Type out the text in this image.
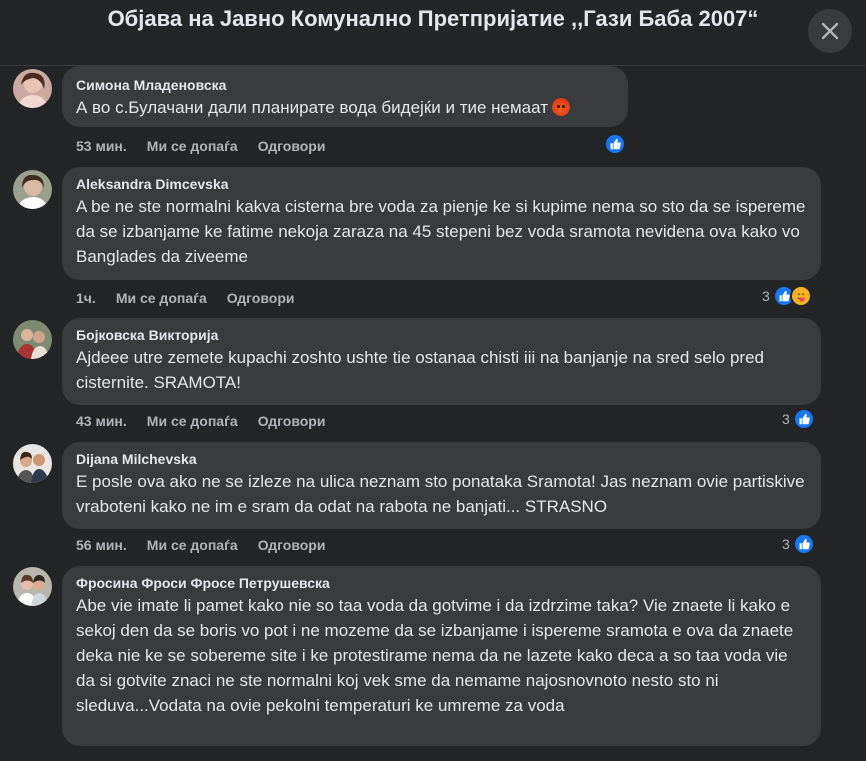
Симона Младеновска
А во с.Булачани дали планирате вода бидејќи и тие немаат
53 мин. Ми се допаѓа Одговори
Aleksandra Dimcevska
A be ne ste normalni kakva cisterna bre voda za pienje ke si kupime nema so sto da se ispereme da se izbanjame ke fatime nekoja zaraza na 45 stepeni bez voda sramota nevidena ova kako vo Banglades da ziveeme
1ч. Ми се допаѓа Одговори	3
Бојковска Викторија
Ajdeee utre zemete kupachi zoshto ushte tie ostanaa chisti iii na banjanje na sred selo pred cisternite. SRAMOTA!
43 мин. Ми се допаѓа Одговори	3
Dijana Milchevska
E posle ova ako ne se izleze na ulica neznam sto ponataka Sramota! Jas neznam ovie partiskive vraboteni kako ne im e sram da odat na rabota ne banjati... STRASNO
56 мин. Ми се допаѓа Одговори	3
Фросина Фроси Фросе Петрушевска
Abe vie imate li pamet kako nie so taa voda da gotvime i da izdrzime taka? Vie znaete li kako e sekoj den da se boris vo pot i ne mozeme da se izbanjame i ispereme sramota e ova da znaete deka nie ke se sobereme site i ke protestirame nema da ne lazete kako deca a so taa voda vie da si gotvite znaci ne ste normalni koj vek sme da nemame najosnovnoto nesto sto ni sleduva...Vodata na ovie pekolni temperaturi ke umreme za voda
Објава на Јавно Комунално Претпријатие ,,Гази Баба 2007“
